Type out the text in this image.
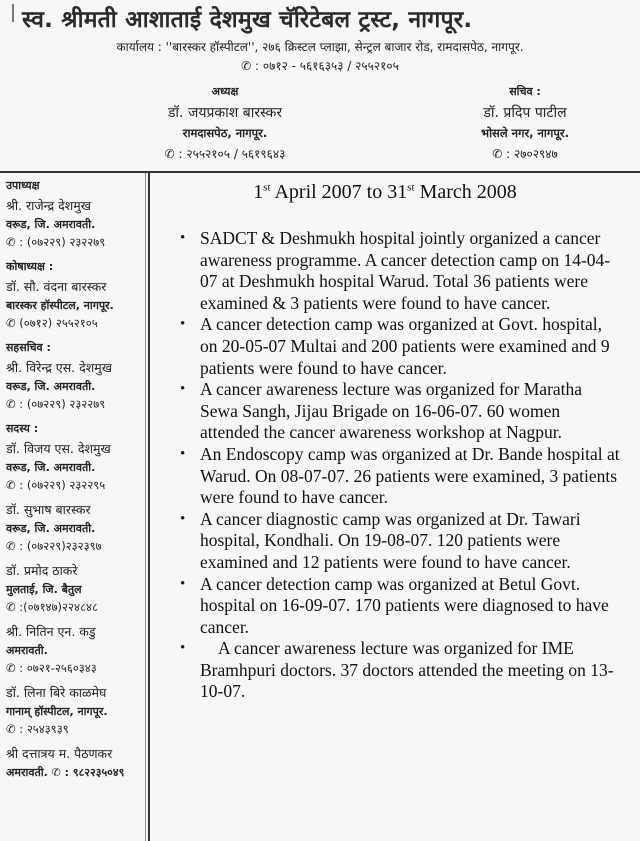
स्व. श्रीमती आशाताई देशमुख चॅरिटेबल ट्रस्ट, नागपूर.
कार्यालय : ''बारस्कर हॉस्पीटल'', २७६ क्रिस्टल प्लाझा, सेन्ट्रल बाजार रोड, रामदासपेठ, नागपूर.
✆ : ०७१२ - ५६१६३५३ / २५५२१०५
अध्यक्ष
डॉ. जयप्रकाश बारस्कर
रामदासपेठ, नागपूर.
✆ : २५५२१०५ / ५६१९६४३
सचिव :
डॉ. प्रदिप पाटील
भोसले नगर, नागपूर.
✆ : २७०२९४७
उपाध्यक्ष
श्री. राजेन्द्र देशमुख
वरूड, जि. अमरावती.
✆ : (०७२२९) २३२२७९
कोषाध्यक्ष :
डॉ. सौ. वंदना बारस्कर
बारस्कर हॉस्पीटल, नागपूर.
✆ (०७१२) २५५२१०५
सहसचिव :
श्री. विरेन्द्र एस. देशमुख
वरूड, जि. अमरावती.
✆ : (०७२२९) २३२२७९
सदस्य :
डॉ. विजय एस. देशमुख
वरूड, जि. अमरावती.
✆ : (०७२२९) २३२२९५
डॉ. सुभाष बारस्कर
वरूड, जि. अमरावती.
✆ : (०७२२९)२३२३९७
डॉ. प्रमोद ठाकरे
मुलताई, जि. बैतुल
✆ :(०७१४७)२२४८४८
श्री. नितिन एन. कडु
अमरावती.
✆ : ०७२१-२५६०३४३
डॉ. लिना बिरे काळमेघ
गानाम् हॉस्पीटल, नागपूर.
✆ : २५४३९३९
श्री दत्तात्रय म. पैठणकर
अमरावती. ✆ : ९८२२३५०४९
1st April 2007 to 31st March 2008
• SADCT & Deshmukh hospital jointly organized a cancer awareness programme. A cancer detection camp on 14-04-07 at Deshmukh hospital Warud. Total 36 patients were examined & 3 patients were found to have cancer.
• A cancer detection camp was organized at Govt. hospital, on 20-05-07 Multai and 200 patients were examined and 9 patients were found to have cancer.
• A cancer awareness lecture was organized for Maratha Sewa Sangh, Jijau Brigade on 16-06-07. 60 women attended the cancer awareness workshop at Nagpur.
• An Endoscopy camp was organized at Dr. Bande hospital at Warud. On 08-07-07. 26 patients were examined, 3 patients were found to have cancer.
• A cancer diagnostic camp was organized at Dr. Tawari hospital, Kondhali. On 19-08-07. 120 patients were examined and 12 patients were found to have cancer.
• A cancer detection camp was organized at Betul Govt. hospital on 16-09-07. 170 patients were diagnosed to have cancer.
• A cancer awareness lecture was organized for IME Bramhpuri doctors. 37 doctors attended the meeting on 13-10-07.
